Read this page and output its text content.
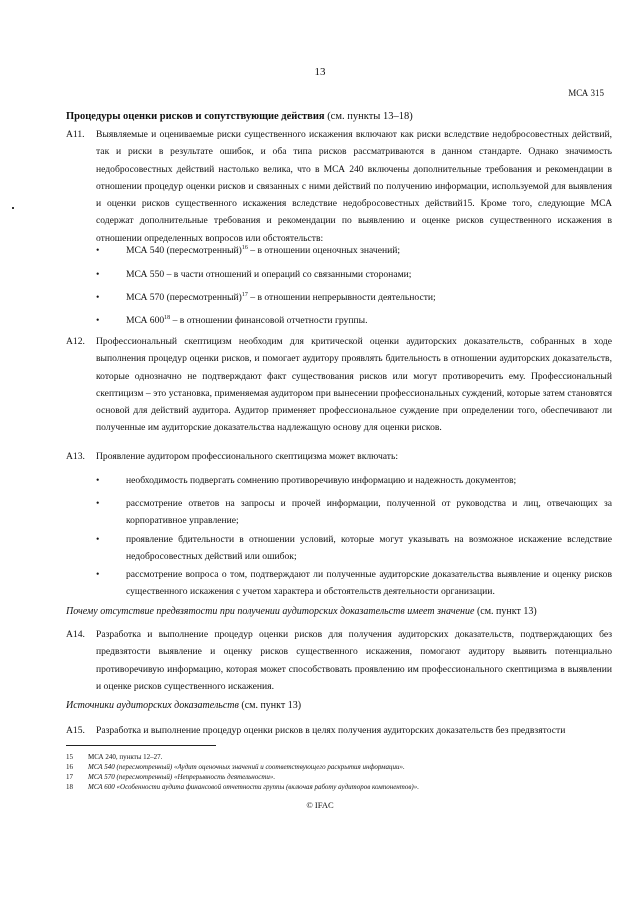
13
МСА 315
Процедуры оценки рисков и сопутствующие действия (см. пункты 13–18)
A11. Выявляемые и оцениваемые риски существенного искажения включают как риски вследствие недобросовестных действий, так и риски в результате ошибок, и оба типа рисков рассматриваются в данном стандарте. Однако значимость недобросовестных действий настолько велика, что в МСА 240 включены дополнительные требования и рекомендации в отношении процедур оценки рисков и связанных с ними действий по получению информации, используемой для выявления и оценки рисков существенного искажения вследствие недобросовестных действий15. Кроме того, следующие МСА содержат дополнительные требования и рекомендации по выявлению и оценке рисков существенного искажения в отношении определенных вопросов или обстоятельств:
•	МСА 540 (пересмотренный)$^{16}$ – в отношении оценочных значений;
•	МСА 550 – в части отношений и операций со связанными сторонами;
•	МСА 570 (пересмотренный)$^{17}$ – в отношении непрерывности деятельности;
•	МСА $600^{18}$ – в отношении финансовой отчетности группы.
A12. Профессиональный скептицизм необходим для критической оценки аудиторских доказательств, собранных в ходе выполнения процедур оценки рисков, и помогает аудитору проявлять бдительность в отношении аудиторских доказательств, которые однозначно не подтверждают факт существования рисков или могут противоречить ему. Профессиональный скептицизм – это установка, применяемая аудитором при вынесении профессиональных суждений, которые затем становятся основой для действий аудитора. Аудитор применяет профессиональное суждение при определении того, обеспечивают ли полученные им аудиторские доказательства надлежащую основу для оценки рисков.
A13. Проявление аудитором профессионального скептицизма может включать:
•	необходимость подвергать сомнению противоречивую информацию и надежность документов;
•	рассмотрение ответов на запросы и прочей информации, полученной от руководства и лиц, отвечающих за корпоративное управление;
•	проявление бдительности в отношении условий, которые могут указывать на возможное искажение вследствие недобросовестных действий или ошибок;
•	рассмотрение вопроса о том, подтверждают ли полученные аудиторские доказательства выявление и оценку рисков существенного искажения с учетом характера и обстоятельств деятельности организации.
Почему отсутствие предвзятости при получении аудиторских доказательств имеет значение (см. пункт 13)
A14. Разработка и выполнение процедур оценки рисков для получения аудиторских доказательств, подтверждающих без предвзятости выявление и оценку рисков существенного искажения, помогают аудитору выявить потенциально противоречивую информацию, которая может способствовать проявлению им профессионального скептицизма в выявлении и оценке рисков существенного искажения.
Источники аудиторских доказательств (см. пункт 13)
A15. Разработка и выполнение процедур оценки рисков в целях получения аудиторских доказательств без предвзятости
15 МСА 240, пункты 12–27.
16 МСА 540 (пересмотренный) «Аудит оценочных значений и соответствующего раскрытия информации».
17 МСА 570 (пересмотренный) «Непрерывность деятельности».
18 МСА 600 «Особенности аудита финансовой отчетности группы (включая работу аудиторов компонентов)».
© IFAC
